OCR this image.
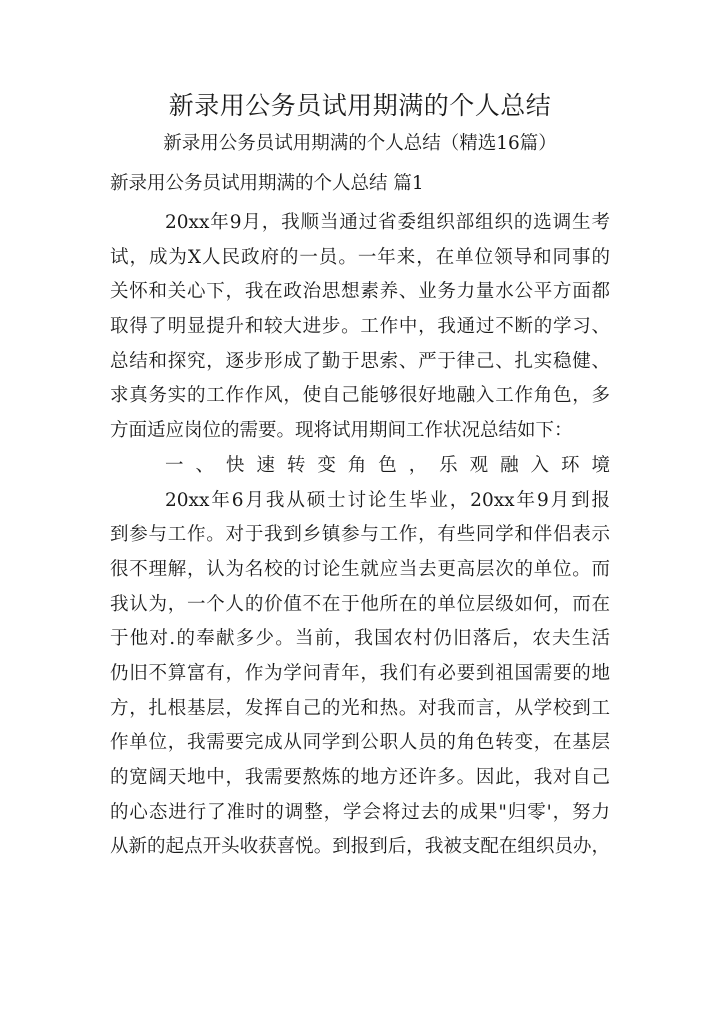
新录用公务员试用期满的个人总结
新录用公务员试用期满的个人总结（精选16篇）
新录用公务员试用期满的个人总结 篇1
20xx年9月，我顺当通过省委组织部组织的选调生考
试，成为X人民政府的一员。一年来，在单位领导和同事的
关怀和关心下，我在政治思想素养、业务力量水公平方面都
取得了明显提升和较大进步。工作中，我通过不断的学习、
总结和探究，逐步形成了勤于思索、严于律己、扎实稳健、
求真务实的工作作风，使自己能够很好地融入工作角色，多
方面适应岗位的需要。现将试用期间工作状况总结如下：
一、快速转变角色，乐观融入环境
20xx年6月我从硕士讨论生毕业，20xx年9月到报
到参与工作。对于我到乡镇参与工作，有些同学和伴侣表示
很不理解，认为名校的讨论生就应当去更高层次的单位。而
我认为，一个人的价值不在于他所在的单位层级如何，而在
于他对.的奉献多少。当前，我国农村仍旧落后，农夫生活
仍旧不算富有，作为学问青年，我们有必要到祖国需要的地
方，扎根基层，发挥自己的光和热。对我而言，从学校到工
作单位，我需要完成从同学到公职人员的角色转变，在基层
的宽阔天地中，我需要熬炼的地方还许多。因此，我对自己
的心态进行了准时的调整，学会将过去的成果"归零'，努力
从新的起点开头收获喜悦。到报到后，我被支配在组织员办，
